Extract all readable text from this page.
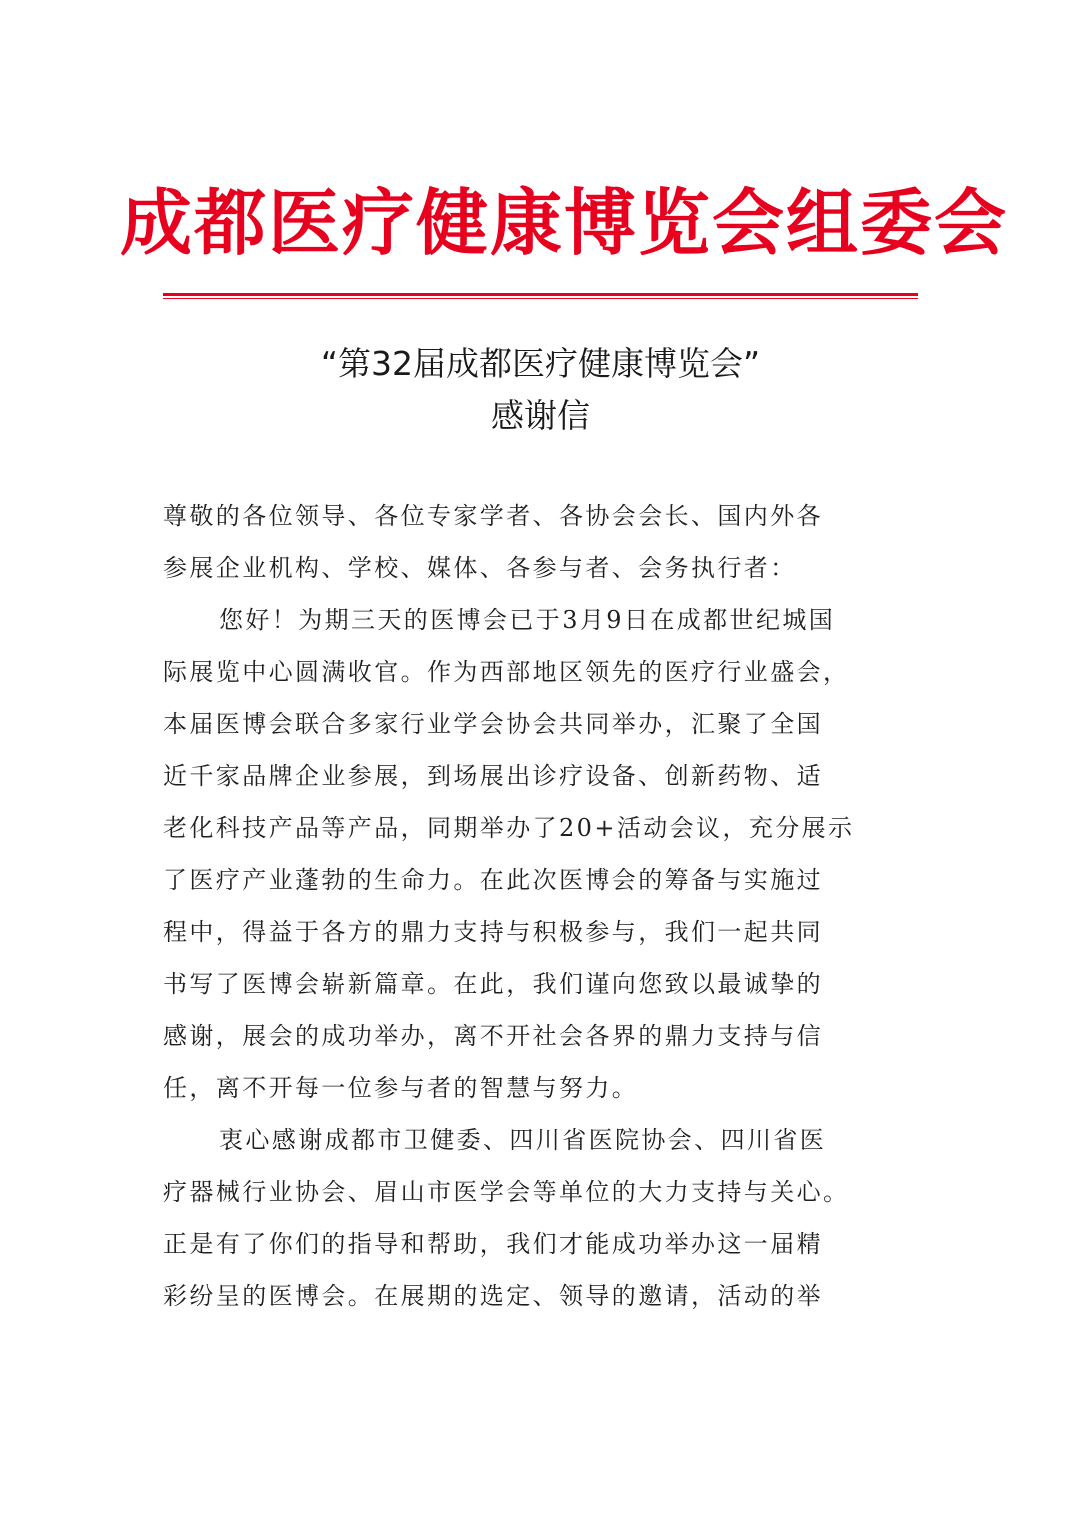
成都医疗健康博览会组委会
“第32届成都医疗健康博览会”
感谢信
尊敬的各位领导、各位专家学者、各协会会长、国内外各
参展企业机构、学校、媒体、各参与者、会务执行者：
您好！为期三天的医博会已于3月9日在成都世纪城国
际展览中心圆满收官。作为西部地区领先的医疗行业盛会，
本届医博会联合多家行业学会协会共同举办，汇聚了全国
近千家品牌企业参展，到场展出诊疗设备、创新药物、适
老化科技产品等产品，同期举办了20+活动会议，充分展示
了医疗产业蓬勃的生命力。在此次医博会的筹备与实施过
程中，得益于各方的鼎力支持与积极参与，我们一起共同
书写了医博会崭新篇章。在此，我们谨向您致以最诚挚的
感谢，展会的成功举办，离不开社会各界的鼎力支持与信
任，离不开每一位参与者的智慧与努力。
衷心感谢成都市卫健委、四川省医院协会、四川省医
疗器械行业协会、眉山市医学会等单位的大力支持与关心。
正是有了你们的指导和帮助，我们才能成功举办这一届精
彩纷呈的医博会。在展期的选定、领导的邀请，活动的举
